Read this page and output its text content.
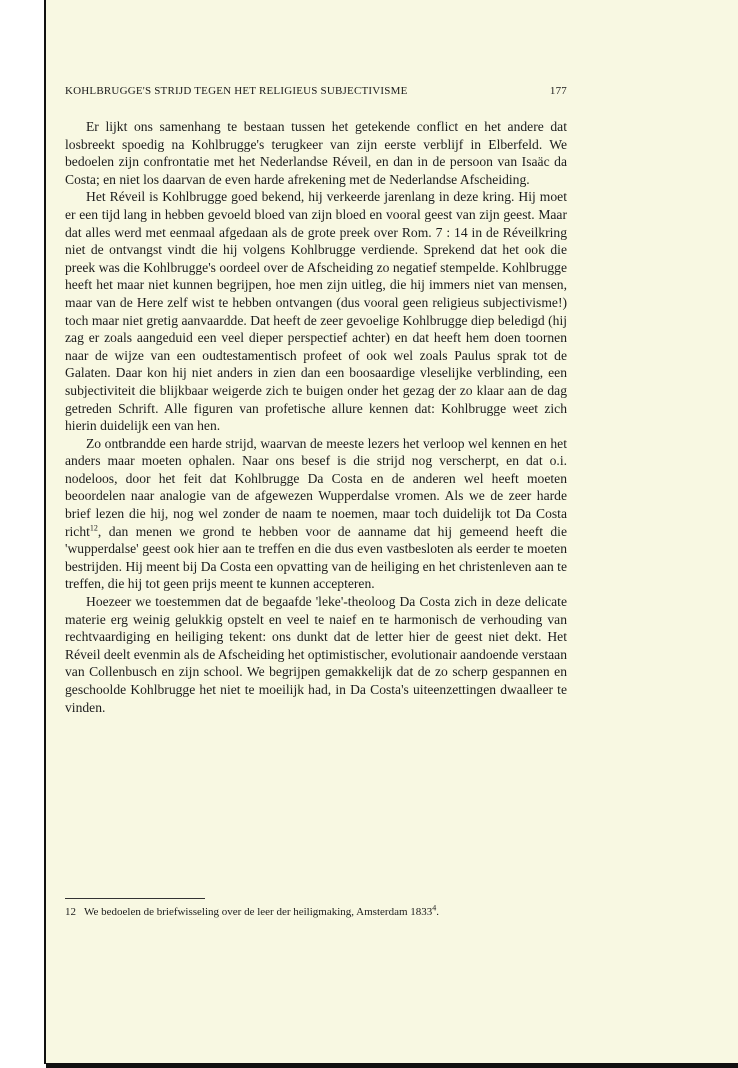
KOHLBRUGGE'S STRIJD TEGEN HET RELIGIEUS SUBJECTIVISME	177

Er lijkt ons samenhang te bestaan tussen het getekende conflict en het andere dat losbreekt spoedig na Kohlbrugge's terugkeer van zijn eerste verblijf in Elberfeld. We bedoelen zijn confrontatie met het Nederlandse Réveil, en dan in de persoon van Isaäc da Costa; en niet los daarvan de even harde afrekening met de Nederlandse Afscheiding.

Het Réveil is Kohlbrugge goed bekend, hij verkeerde jarenlang in deze kring. Hij moet er een tijd lang in hebben gevoeld bloed van zijn bloed en vooral geest van zijn geest. Maar dat alles werd met eenmaal afgedaan als de grote preek over Rom. 7 : 14 in de Réveilkring niet de ontvangst vindt die hij volgens Kohlbrugge verdiende. Sprekend dat het ook die preek was die Kohlbrugge's oordeel over de Afscheiding zo negatief stempelde. Kohlbrugge heeft het maar niet kunnen begrijpen, hoe men zijn uitleg, die hij immers niet van mensen, maar van de Here zelf wist te hebben ontvangen (dus vooral geen religieus subjectivisme!) toch maar niet gretig aanvaardde. Dat heeft de zeer gevoelige Kohlbrugge diep beledigd (hij zag er zoals aangeduid een veel dieper perspectief achter) en dat heeft hem doen toornen naar de wijze van een oudtestamentisch profeet of ook wel zoals Paulus sprak tot de Galaten. Daar kon hij niet anders in zien dan een boosaardige vleselijke verblinding, een subjectiviteit die blijkbaar weigerde zich te buigen onder het gezag der zo klaar aan de dag getreden Schrift. Alle figuren van profetische allure kennen dat: Kohlbrugge weet zich hierin duidelijk een van hen.

Zo ontbrandde een harde strijd, waarvan de meeste lezers het verloop wel kennen en het anders maar moeten ophalen. Naar ons besef is die strijd nog verscherpt, en dat o.i. nodeloos, door het feit dat Kohlbrugge Da Costa en de anderen wel heeft moeten beoordelen naar analogie van de afgewezen Wupperdalse vromen. Als we de zeer harde brief lezen die hij, nog wel zonder de naam te noemen, maar toch duidelijk tot Da Costa richt$^{12}$, dan menen we grond te hebben voor de aanname dat hij gemeend heeft die 'wupperdalse' geest ook hier aan te treffen en die dus even vastbesloten als eerder te moeten bestrijden. Hij meent bij Da Costa een opvatting van de heiliging en het christenleven aan te treffen, die hij tot geen prijs meent te kunnen accepteren.

Hoezeer we toestemmen dat de begaafde 'leke'-theoloog Da Costa zich in deze delicate materie erg weinig gelukkig opstelt en veel te naief en te harmonisch de verhouding van rechtvaardiging en heiliging tekent: ons dunkt dat de letter hier de geest niet dekt. Het Réveil deelt evenmin als de Afscheiding het optimistischer, evolutionair aandoende verstaan van Collenbusch en zijn school. We begrijpen gemakkelijk dat de zo scherp gespannen en geschoolde Kohlbrugge het niet te moeilijk had, in Da Costa's uiteenzettingen dwaalleer te vinden.

12 We bedoelen de briefwisseling over de leer der heiligmaking, Amsterdam 1833$^4$.
